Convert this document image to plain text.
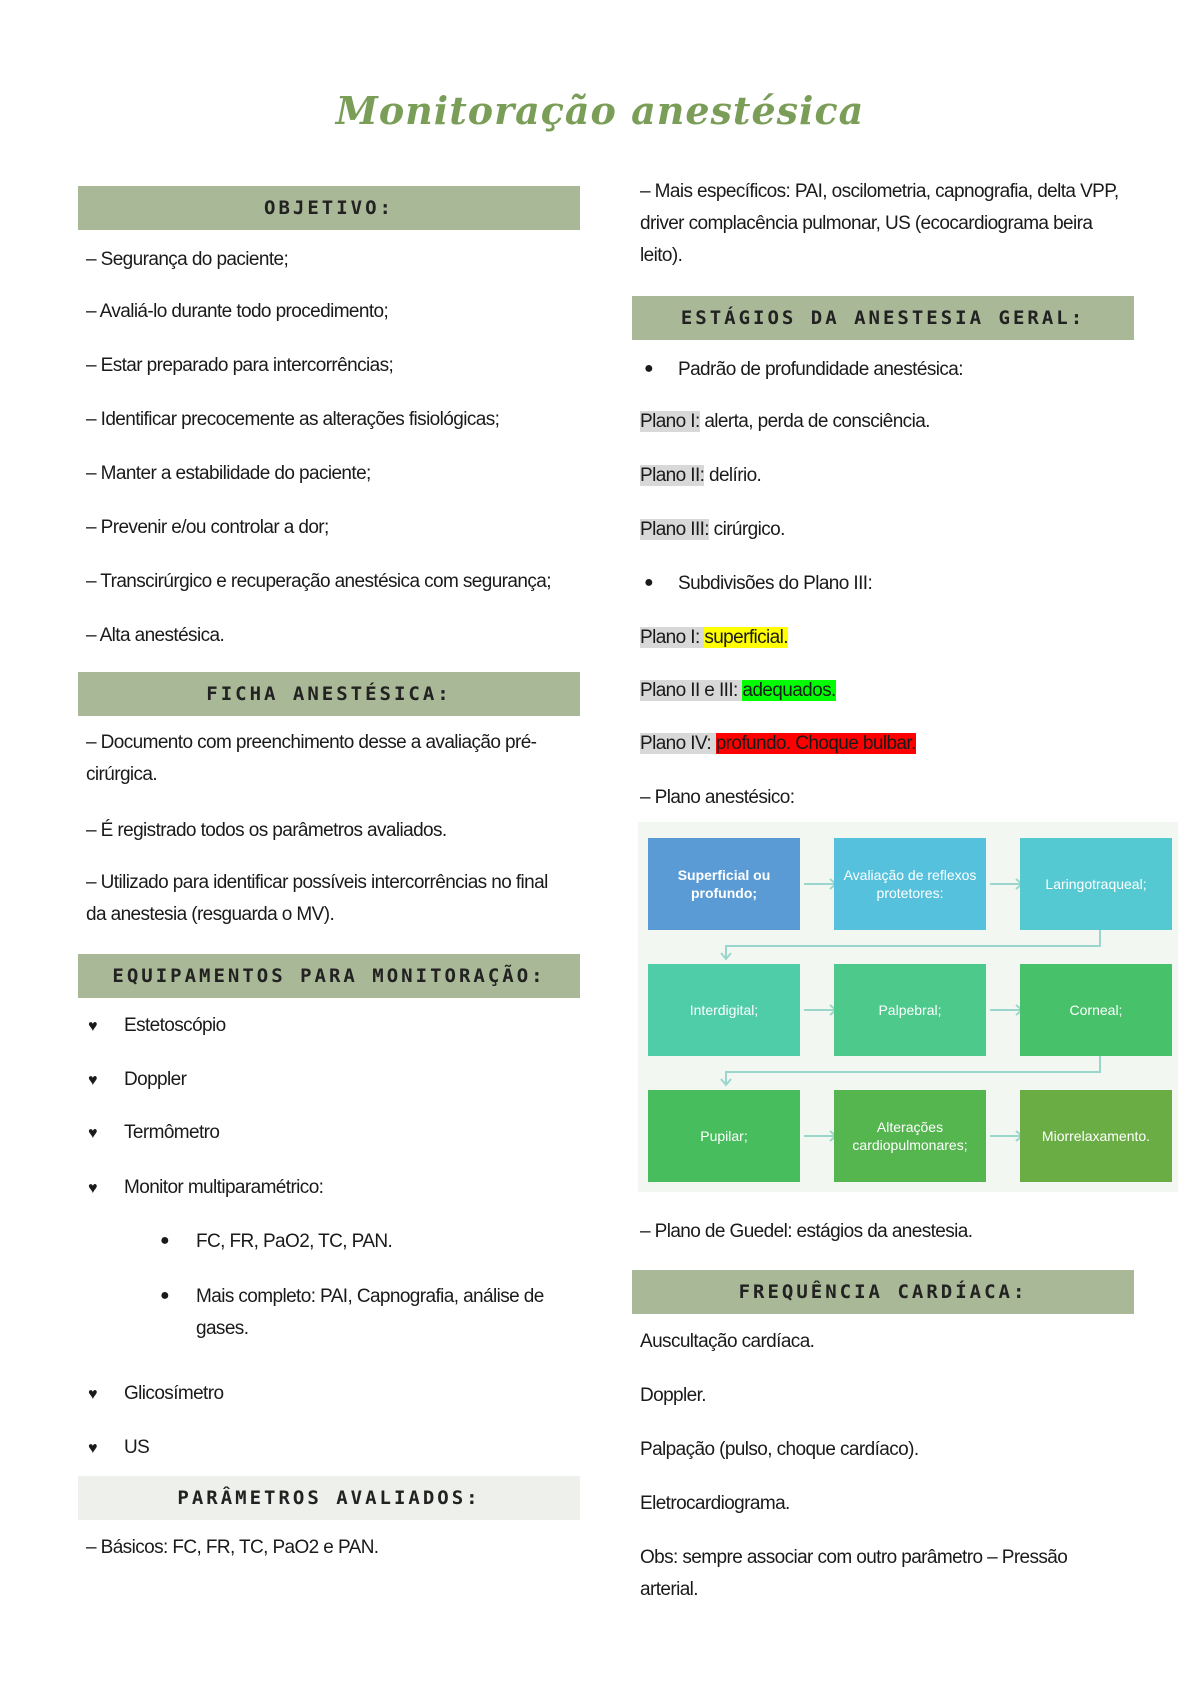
Monitoração anestésica
OBJETIVO:
– Segurança do paciente;
– Avaliá-lo durante todo procedimento;
– Estar preparado para intercorrências;
– Identificar precocemente as alterações fisiológicas;
– Manter a estabilidade do paciente;
– Prevenir e/ou controlar a dor;
– Transcirúrgico e recuperação anestésica com segurança;
– Alta anestésica.
FICHA ANESTÉSICA:
– Documento com preenchimento desse a avaliação pré-cirúrgica.
– É registrado todos os parâmetros avaliados.
– Utilizado para identificar possíveis intercorrências no final da anestesia (resguarda o MV).
EQUIPAMENTOS PARA MONITORAÇÃO:
♥ Estetoscópio
♥ Doppler
♥ Termômetro
♥ Monitor multiparamétrico:
● FC, FR, PaO2, TC, PAN.
● Mais completo: PAI, Capnografia, análise de gases.
♥ Glicosímetro
♥ US
PARÂMETROS AVALIADOS:
– Básicos: FC, FR, TC, PaO2 e PAN.
– Mais específicos: PAI, oscilometria, capnografia, delta VPP, driver complacência pulmonar, US (ecocardiograma beira leito).
ESTÁGIOS DA ANESTESIA GERAL:
● Padrão de profundidade anestésica:
Plano I: alerta, perda de consciência.
Plano II: delírio.
Plano III: cirúrgico.
● Subdivisões do Plano III:
Plano I: superficial.
Plano II e III: adequados.
Plano IV: profundo. Choque bulbar.
– Plano anestésico:
Superficial ou profundo;
Avaliação de reflexos protetores:
Laringotraqueal;
Interdigital;	Palpebral;	Corneal;
Pupilar;
Alterações cardiopulmonares;
Miorrelaxamento.
– Plano de Guedel: estágios da anestesia.
FREQUÊNCIA CARDÍACA:
Auscultação cardíaca.
Doppler.
Palpação (pulso, choque cardíaco).
Eletrocardiograma.
Obs: sempre associar com outro parâmetro – Pressão arterial.
